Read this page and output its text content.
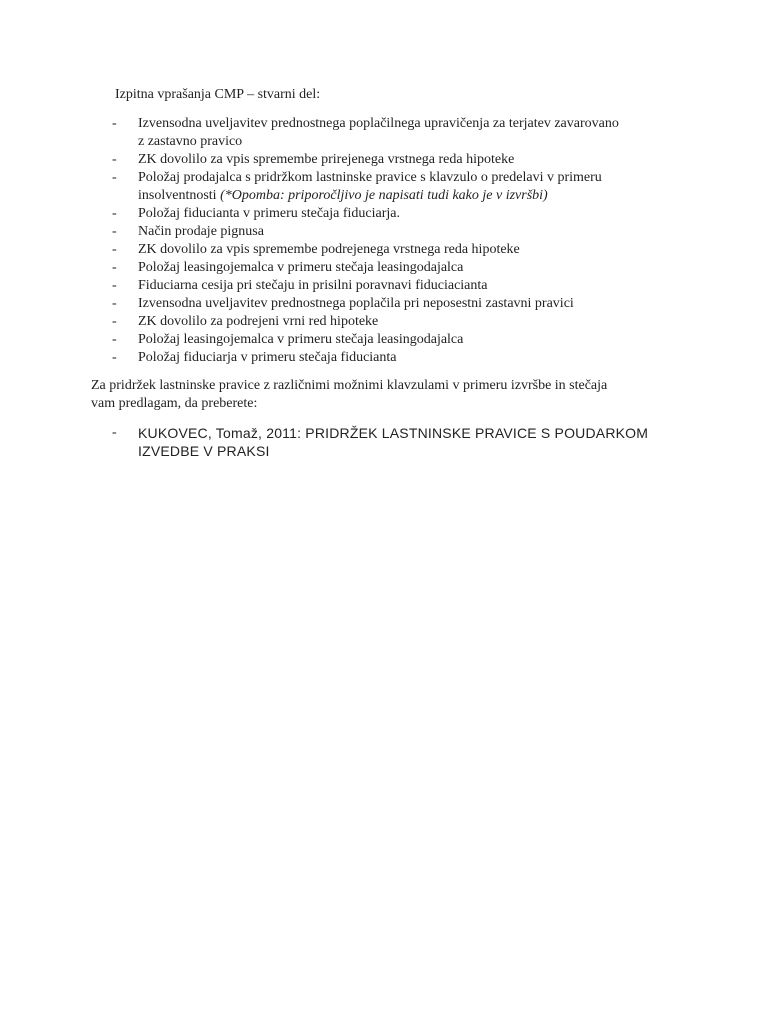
Izpitna vprašanja CMP – stvarni del:

- Izvensodna uveljavitev prednostnega poplačilnega upravičenja za terjatev zavarovano
z zastavno pravico
- ZK dovolilo za vpis spremembe prirejenega vrstnega reda hipoteke
- Položaj prodajalca s pridržkom lastninske pravice s klavzulo o predelavi v primeru
insolventnosti (*Opomba: priporočljivo je napisati tudi kako je v izvršbi)
- Položaj fiducianta v primeru stečaja fiduciarja.
- Način prodaje pignusa
- ZK dovolilo za vpis spremembe podrejenega vrstnega reda hipoteke
- Položaj leasingojemalca v primeru stečaja leasingodajalca
- Fiduciarna cesija pri stečaju in prisilni poravnavi fiduciacianta
- Izvensodna uveljavitev prednostnega poplačila pri neposestni zastavni pravici
- ZK dovolilo za podrejeni vrni red hipoteke
- Položaj leasingojemalca v primeru stečaja leasingodajalca
- Položaj fiduciarja v primeru stečaja fiducianta

Za pridržek lastninske pravice z različnimi možnimi klavzulami v primeru izvršbe in stečaja
vam predlagam, da preberete:

- KUKOVEC, Tomaž, 2011: PRIDRŽEK LASTNINSKE PRAVICE S POUDARKOM
IZVEDBE V PRAKSI
